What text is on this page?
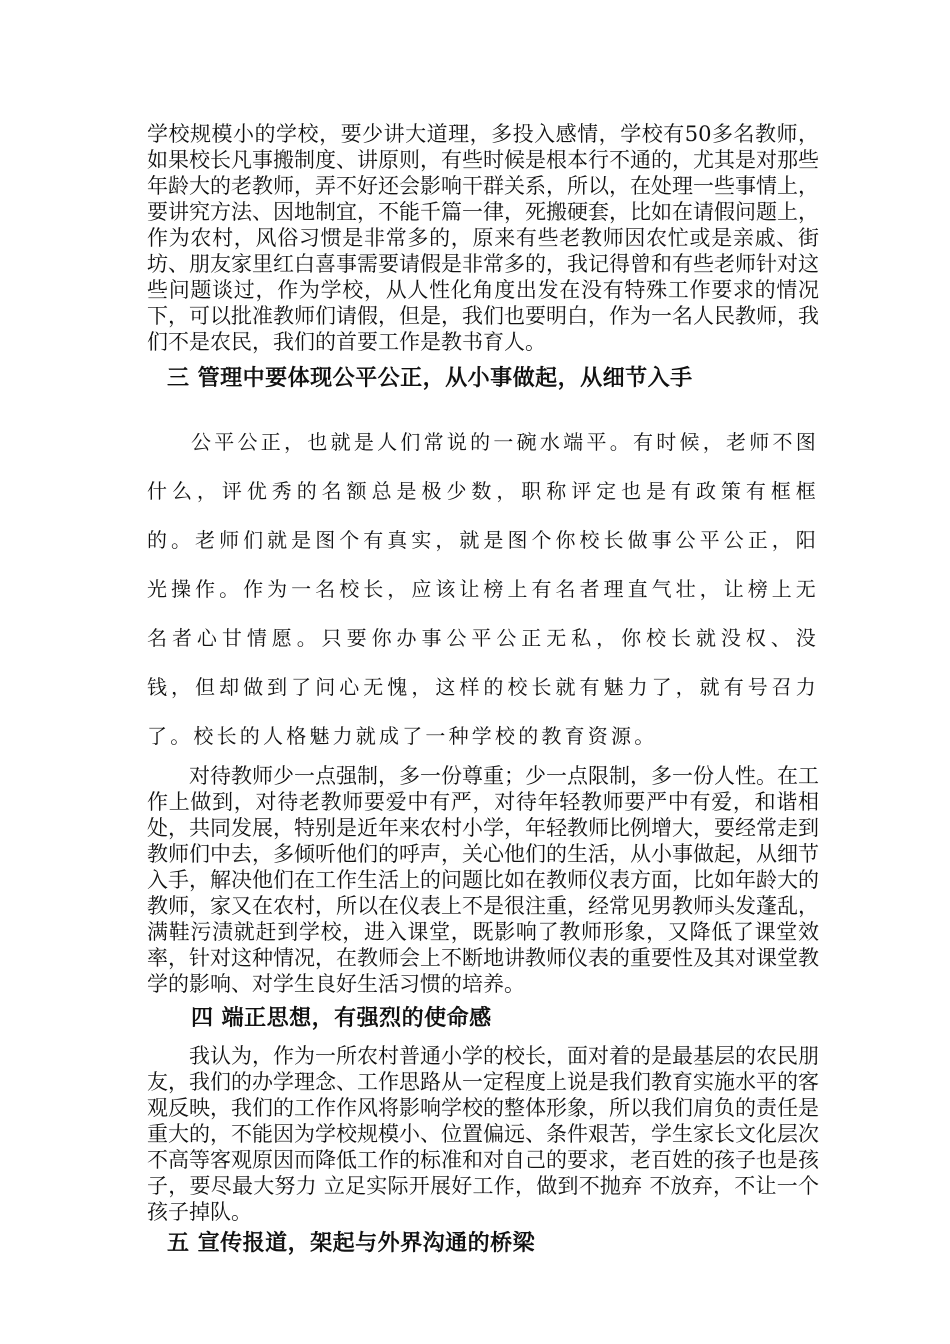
学校规模小的学校，要少讲大道理，多投入感情，学校有50多名教师，如果校长凡事搬制度、讲原则，有些时候是根本行不通的，尤其是对那些年龄大的老教师，弄不好还会影响干群关系，所以，在处理一些事情上，要讲究方法、因地制宜，不能千篇一律，死搬硬套，比如在请假问题上，作为农村，风俗习惯是非常多的，原来有些老教师因农忙或是亲戚、街坊、朋友家里红白喜事需要请假是非常多的，我记得曾和有些老师针对这些问题谈过，作为学校，从人性化角度出发在没有特殊工作要求的情况下，可以批准教师们请假，但是，我们也要明白，作为一名人民教师，我们不是农民，我们的首要工作是教书育人。

三 管理中要体现公平公正，从小事做起，从细节入手

公平公正，也就是人们常说的一碗水端平。有时候，老师不图什么，评优秀的名额总是极少数，职称评定也是有政策有框框的。老师们就是图个有真实，就是图个你校长做事公平公正，阳光操作。作为一名校长，应该让榜上有名者理直气壮，让榜上无名者心甘情愿。只要你办事公平公正无私，你校长就没权、没钱，但却做到了问心无愧，这样的校长就有魅力了，就有号召力了。校长的人格魅力就成了一种学校的教育资源。

对待教师少一点强制，多一份尊重；少一点限制，多一份人性。在工作上做到，对待老教师要爱中有严，对待年轻教师要严中有爱，和谐相处，共同发展，特别是近年来农村小学，年轻教师比例增大，要经常走到教师们中去，多倾听他们的呼声，关心他们的生活，从小事做起，从细节入手，解决他们在工作生活上的问题比如在教师仪表方面，比如年龄大的教师，家又在农村，所以在仪表上不是很注重，经常见男教师头发蓬乱，满鞋污渍就赶到学校，进入课堂，既影响了教师形象，又降低了课堂效率，针对这种情况，在教师会上不断地讲教师仪表的重要性及其对课堂教学的影响、对学生良好生活习惯的培养。

四 端正思想，有强烈的使命感

我认为，作为一所农村普通小学的校长，面对着的是最基层的农民朋友，我们的办学理念、工作思路从一定程度上说是我们教育实施水平的客观反映，我们的工作作风将影响学校的整体形象，所以我们肩负的责任是重大的，不能因为学校规模小、位置偏远、条件艰苦，学生家长文化层次不高等客观原因而降低工作的标准和对自己的要求，老百姓的孩子也是孩子，要尽最大努力 立足实际开展好工作，做到不抛弃 不放弃，不让一个孩子掉队。

五 宣传报道，架起与外界沟通的桥梁
